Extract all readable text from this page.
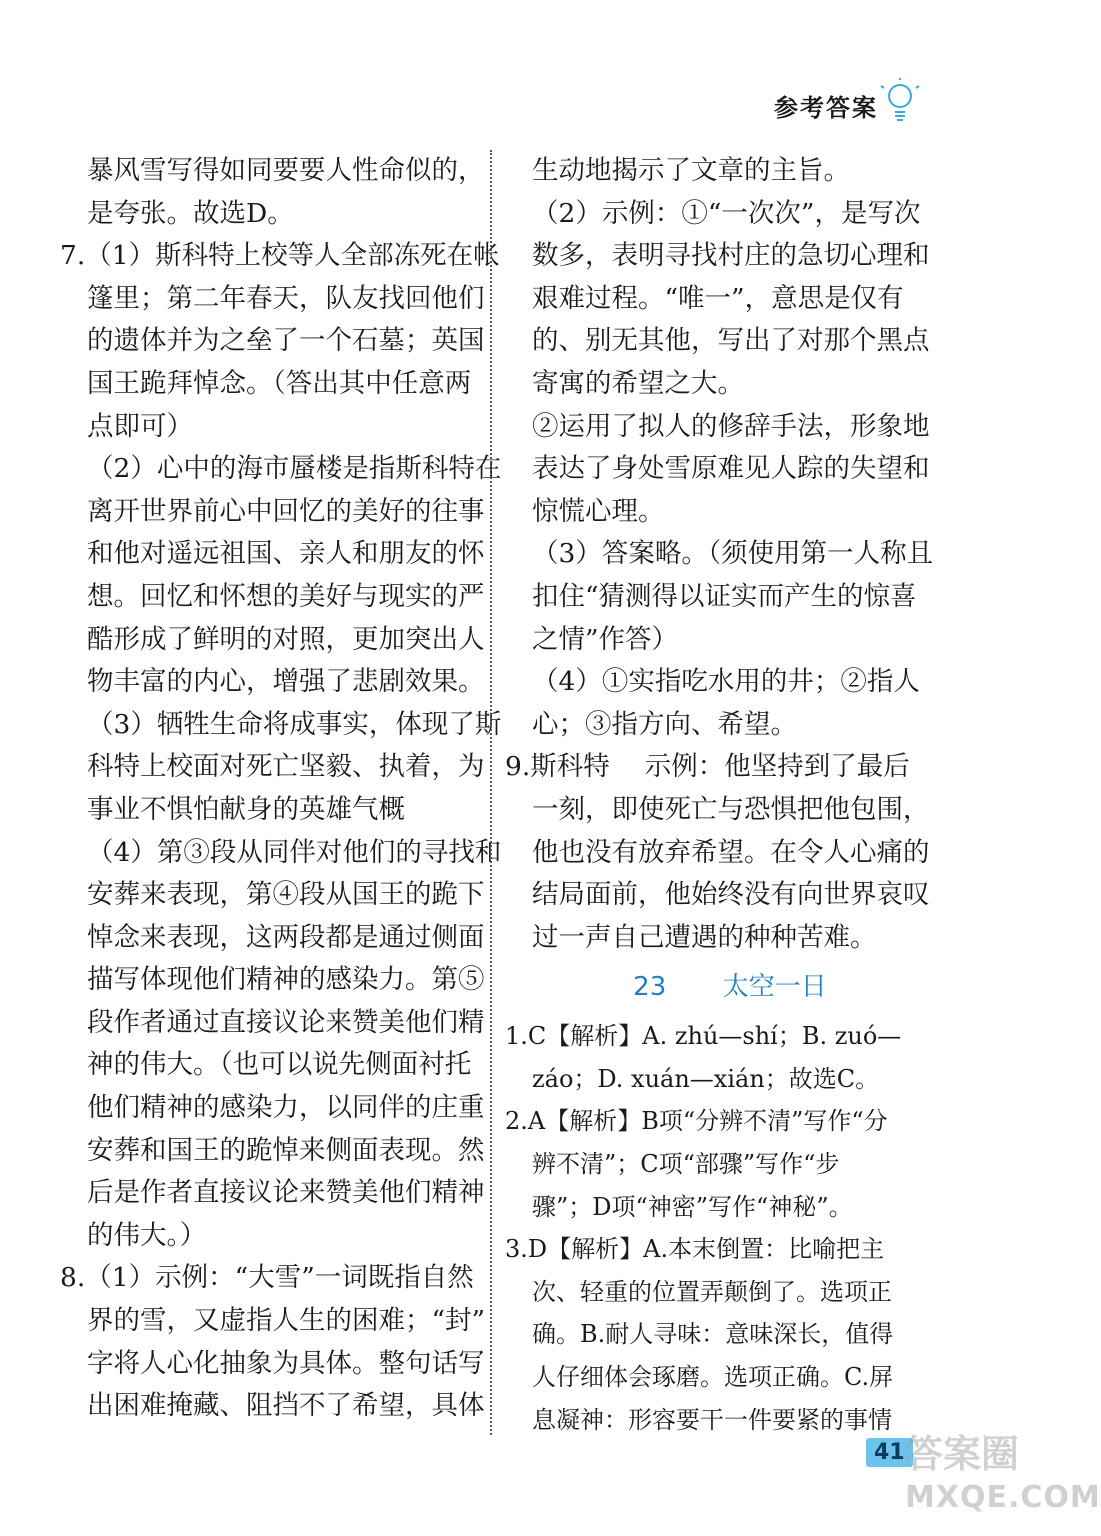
参考答案
暴风雪写得如同要要人性命似的，
是夸张。故选D。
7.（1）斯科特上校等人全部冻死在帐
篷里；第二年春天，队友找回他们
的遗体并为之垒了一个石墓；英国
国王跪拜悼念。（答出其中任意两
点即可）
（2）心中的海市蜃楼是指斯科特在
离开世界前心中回忆的美好的往事
和他对遥远祖国、亲人和朋友的怀
想。回忆和怀想的美好与现实的严
酷形成了鲜明的对照，更加突出人
物丰富的内心，增强了悲剧效果。
（3）牺牲生命将成事实，体现了斯
科特上校面对死亡坚毅、执着，为
事业不惧怕献身的英雄气概
（4）第③段从同伴对他们的寻找和
安葬来表现，第④段从国王的跪下
悼念来表现，这两段都是通过侧面
描写体现他们精神的感染力。第⑤
段作者通过直接议论来赞美他们精
神的伟大。（也可以说先侧面衬托
他们精神的感染力，以同伴的庄重
安葬和国王的跪悼来侧面表现。然
后是作者直接议论来赞美他们精神
的伟大。）
8.（1）示例：“大雪”一词既指自然
界的雪，又虚指人生的困难；“封”
字将人心化抽象为具体。整句话写
出困难掩藏、阻挡不了希望，具体
生动地揭示了文章的主旨。
（2）示例：①“一次次”，是写次
数多，表明寻找村庄的急切心理和
艰难过程。“唯一”，意思是仅有
的、别无其他，写出了对那个黑点
寄寓的希望之大。
②运用了拟人的修辞手法，形象地
表达了身处雪原难见人踪的失望和
惊慌心理。
（3）答案略。（须使用第一人称且
扣住“猜测得以证实而产生的惊喜
之情”作答）
（4）①实指吃水用的井；②指人
心；③指方向、希望。
9.斯科特　 示例：他坚持到了最后
一刻，即使死亡与恐惧把他包围，
他也没有放弃希望。在令人心痛的
结局面前，他始终没有向世界哀叹
过一声自己遭遇的种种苦难。
23 太空一日
1.C【解析】A. zhú—shí；B. zuó—
záo；D. xuán—xián；故选C。
2.A【解析】B项“分辨不清”写作“分
辨不清”；C项“部骤”写作“步
骤”；D项“神密”写作“神秘”。
3.D【解析】A.本末倒置：比喻把主
次、轻重的位置弄颠倒了。选项正
确。B.耐人寻味：意味深长，值得
人仔细体会琢磨。选项正确。C.屏
息凝神：形容要干一件要紧的事情
41 答案圈
MXQE.COM
